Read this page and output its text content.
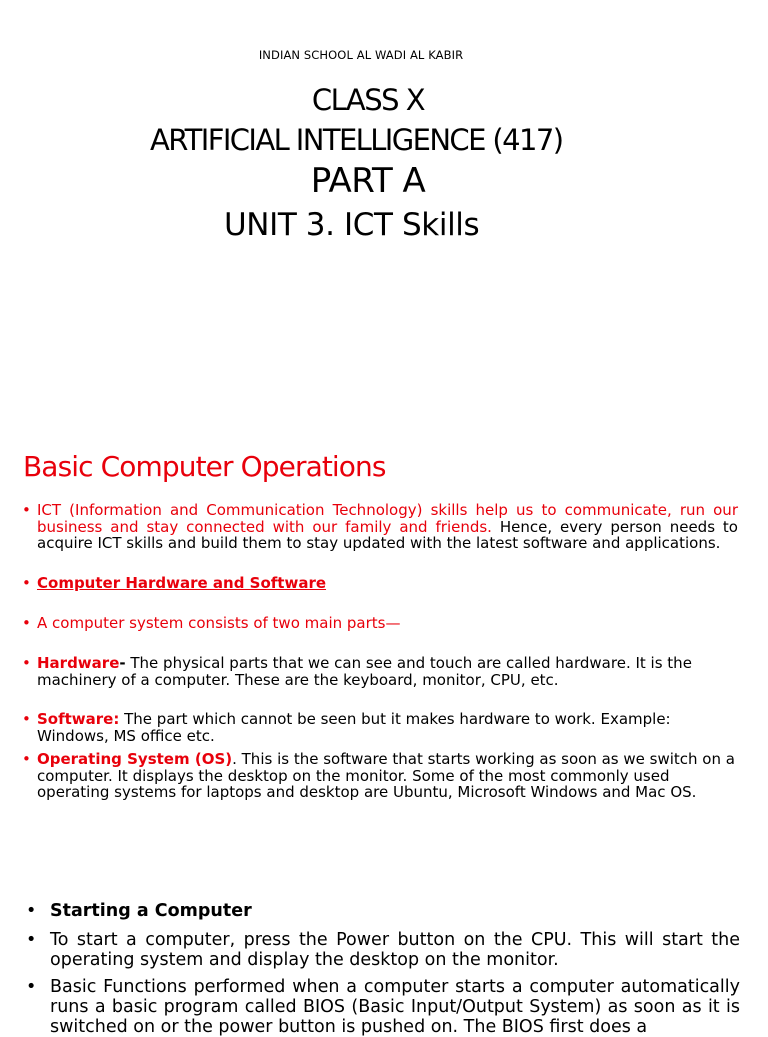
INDIAN SCHOOL AL WADI AL KABIR
CLASS X
ARTIFICIAL INTELLIGENCE (417)
PART A
UNIT 3. ICT Skills
Basic Computer Operations
• ICT (Information and Communication Technology) skills help us to communicate, run our business and stay connected with our family and friends. Hence, every person needs to acquire ICT skills and build them to stay updated with the latest software and applications.
• Computer Hardware and Software
• A computer system consists of two main parts—
• Hardware- The physical parts that we can see and touch are called hardware. It is the machinery of a computer. These are the keyboard, monitor, CPU, etc.
• Software: The part which cannot be seen but it makes hardware to work. Example: Windows, MS office etc.
• Operating System (OS). This is the software that starts working as soon as we switch on a computer. It displays the desktop on the monitor. Some of the most commonly used operating systems for laptops and desktop are Ubuntu, Microsoft Windows and Mac OS.
• Starting a Computer
• To start a computer, press the Power button on the CPU. This will start the operating system and display the desktop on the monitor.
• Basic Functions performed when a computer starts a computer automatically runs a basic program called BIOS (Basic Input/Output System) as soon as it is switched on or the power button is pushed on. The BIOS first does a
